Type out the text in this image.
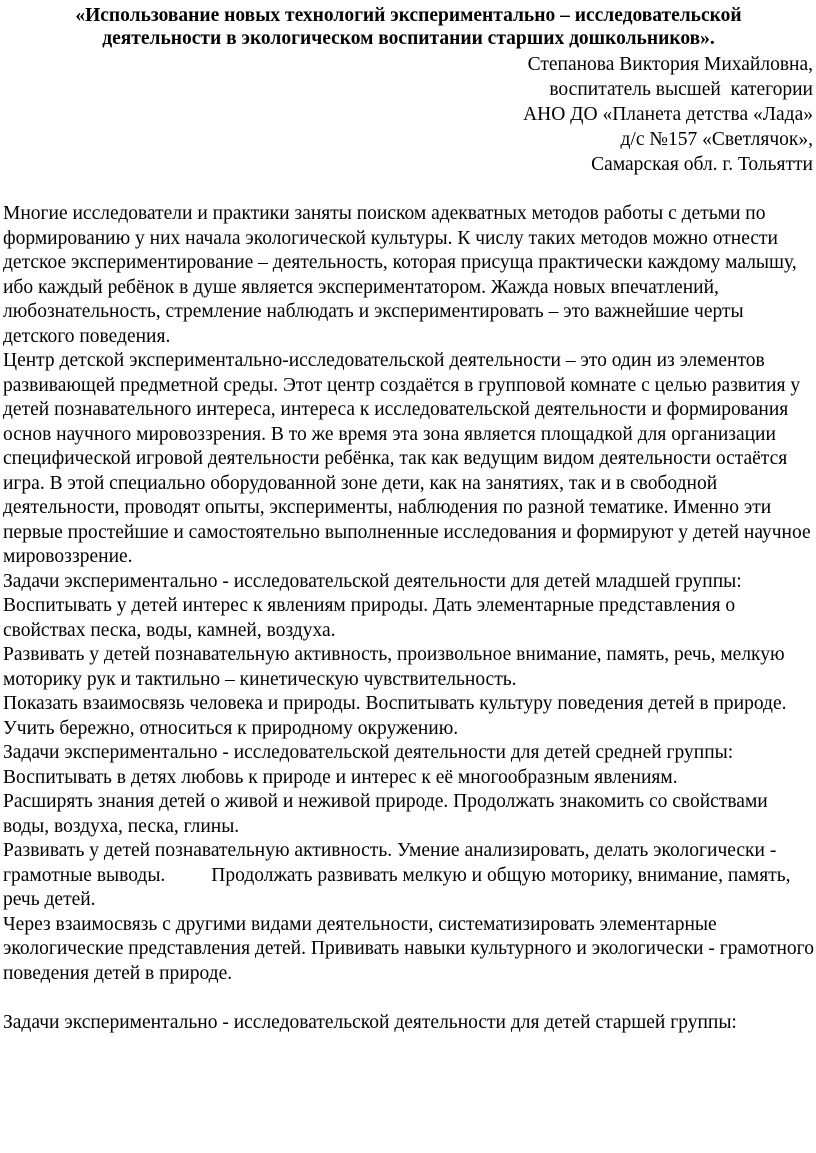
«Использование новых технологий экспериментально – исследовательской
деятельности в экологическом воспитании старших дошкольников».
Степанова Виктория Михайловна,
воспитатель высшей  категории
АНО ДО «Планета детства «Лада»
д/с №157 «Светлячок»,
Самарская обл. г. Тольятти

Многие исследователи и практики заняты поиском адекватных методов работы с детьми по формированию у них начала экологической культуры. К числу таких методов можно отнести детское экспериментирование – деятельность, которая присуща практически каждому малышу, ибо каждый ребёнок в душе является экспериментатором. Жажда новых впечатлений, любознательность, стремление наблюдать и экспериментировать – это важнейшие черты детского поведения.

Центр детской экспериментально-исследовательской деятельности – это один из элементов развивающей предметной среды. Этот центр создаётся в групповой комнате с целью развития у детей познавательного интереса, интереса к исследовательской деятельности и формирования основ научного мировоззрения. В то же время эта зона является площадкой для организации специфической игровой деятельности ребёнка, так как ведущим видом деятельности остаётся игра. В этой специально оборудованной зоне дети, как на занятиях, так и в свободной деятельности, проводят опыты, эксперименты, наблюдения по разной тематике. Именно эти первые простейшие и самостоятельно выполненные исследования и формируют у детей научное мировоззрение.

Задачи экспериментально - исследовательской деятельности для детей младшей группы:

Воспитывать у детей интерес к явлениям природы. Дать элементарные представления о свойствах песка, воды, камней, воздуха.

Развивать у детей познавательную активность, произвольное внимание, память, речь, мелкую моторику рук и тактильно – кинетическую чувствительность.

Показать взаимосвязь человека и природы. Воспитывать культуру поведения детей в природе. Учить бережно, относиться к природному окружению.

Задачи экспериментально - исследовательской деятельности для детей средней группы:

Воспитывать в детях любовь к природе и интерес к её многообразным явлениям.

Расширять знания детей о живой и неживой природе. Продолжать знакомить со свойствами воды, воздуха, песка, глины.

Развивать у детей познавательную активность. Умение анализировать, делать экологически - грамотные выводы. Продолжать развивать мелкую и общую моторику, внимание, память, речь детей.

Через взаимосвязь с другими видами деятельности, систематизировать элементарные экологические представления детей. Прививать навыки культурного и экологически - грамотного поведения детей в природе.

Задачи экспериментально - исследовательской деятельности для детей старшей группы:
